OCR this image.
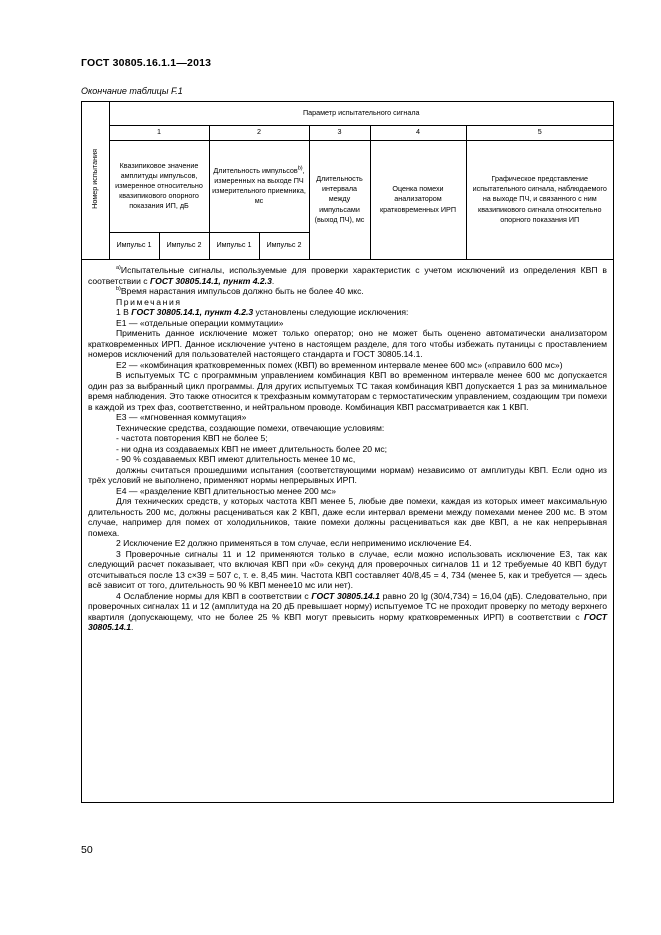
ГОСТ 30805.16.1.1—2013
Окончание таблицы F.1
Номер испытания	Параметр испытательного сигнала						
	1		2		3	4	5
	Квазипиковое значение амплитуды импульсов, измеренное относительно квазипикового опорного показания ИП, дБ		Длительность импульсов$^{b)}$, измеренных на выходе ПЧ измерительного приемника, мс		Длительность интервала между импульсами (выход ПЧ), мс	Оценка помехи анализатором кратковременных ИРП	Графическое представление испытательного сигнала, наблюдаемого на выходе ПЧ, и связанного с ним квазипикового сигнала относительно опорного показания ИП
	Импульс 1	Импульс 2	Импульс 1	Импульс 2			

$^{a)}$Испытательные сигналы, используемые для проверки характеристик с учетом исключений из определения КВП в соответствии с ГОСТ 30805.14.1, пункт 4.2.3.

$^{b)}$Время нарастания импульсов должно быть не более 40 мкс.

Примечания

1 В ГОСТ 30805.14.1, пункт 4.2.3 установлены следующие исключения:

Е1 — «отдельные операции коммутации»

Применить данное исключение может только оператор; оно не может быть оценено автоматически анализатором кратковременных ИРП. Данное исключение учтено в настоящем разделе, для того чтобы избежать путаницы с проставлением номеров исключений для пользователей настоящего стандарта и ГОСТ 30805.14.1.

Е2 — «комбинация кратковременных помех (КВП) во временном интервале менее 600 мс» («правило 600 мс»)

В испытуемых ТС с программным управлением комбинация КВП во временном интервале менее 600 мс допускается один раз за выбранный цикл программы. Для других испытуемых ТС такая комбинация КВП допускается 1 раз за минимальное время наблюдения. Это также относится к трехфазным коммутаторам с термостатическим управлением, создающим три помехи в каждой из трех фаз, соответственно, и нейтральном проводе. Комбинация КВП рассматривается как 1 КВП.

Е3 — «мгновенная коммутация»

Технические средства, создающие помехи, отвечающие условиям:

- частота повторения КВП не более 5;

- ни одна из создаваемых КВП не имеет длительность более 20 мс;

- 90 % создаваемых КВП имеют длительность менее 10 мс,

должны считаться прошедшими испытания (соответствующими нормам) независимо от амплитуды КВП. Если одно из трёх условий не выполнено, применяют нормы непрерывных ИРП.

Е4 — «разделение КВП длительностью менее 200 мс»

Для технических средств, у которых частота КВП менее 5, любые две помехи, каждая из которых имеет максимальную длительность 200 мс, должны расцениваться как 2 КВП, даже если интервал времени между помехами менее 200 мс. В этом случае, например для помех от холодильников, такие помехи должны расцениваться как две КВП, а не как непрерывная помеха.

2 Исключение Е2 должно применяться в том случае, если неприменимо исключение Е4.

3 Проверочные сигналы 11 и 12 применяются только в случае, если можно использовать исключение Е3, так как следующий расчет показывает, что включая КВП при «0» секунд для проверочных сигналов 11 и 12 требуемые 40 КВП будут отсчитываться после 13 с×39 = 507 с, т. е. 8,45 мин. Частота КВП составляет 40/8,45 = 4, 734 (менее 5, как и требуется — здесь всё зависит от того, длительность 90 % КВП менее10 мс или нет).

4 Ослабление нормы для КВП в соответствии с ГОСТ 30805.14.1 равно 20 lg (30/4,734) = 16,04 (дБ). Следовательно, при проверочных сигналах 11 и 12 (амплитуда на 20 дБ превышает норму) испытуемое ТС не проходит проверку по методу верхнего квартиля (допускающему, что не более 25 % КВП могут превысить норму кратковременных ИРП) в соответствии с ГОСТ 30805.14.1.

50
